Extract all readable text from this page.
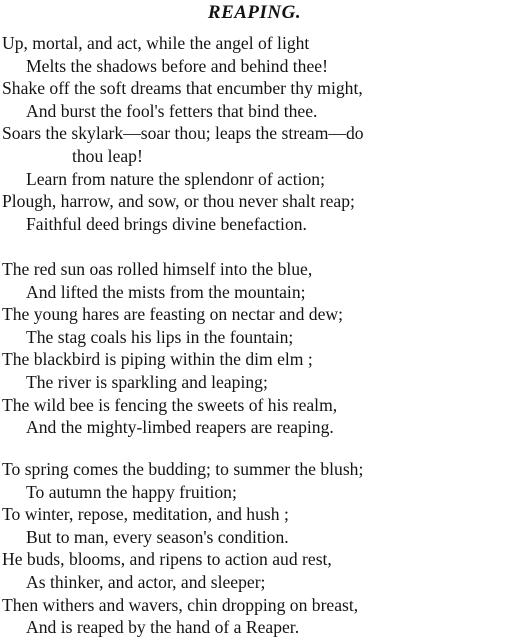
REAPING.
Up, mortal, and act, while the angel of light
Melts the shadows before and behind thee!
Shake off the soft dreams that encumber thy might,
And burst the fool's fetters that bind thee.
Soars the skylark—soar thou; leaps the stream—do
thou leap!
Learn from nature the splendonr of action;
Plough, harrow, and sow, or thou never shalt reap;
Faithful deed brings divine benefaction.
The red sun oas rolled himself into the blue,
And lifted the mists from the mountain;
The young hares are feasting on nectar and dew;
The stag coals his lips in the fountain;
The blackbird is piping within the dim elm ;
The river is sparkling and leaping;
The wild bee is fencing the sweets of his realm,
And the mighty-limbed reapers are reaping.
To spring comes the budding; to summer the blush;
To autumn the happy fruition;
To winter, repose, meditation, and hush ;
But to man, every season's condition.
He buds, blooms, and ripens to action aud rest,
As thinker, and actor, and sleeper;
Then withers and wavers, chin dropping on breast,
And is reaped by the hand of a Reaper.
